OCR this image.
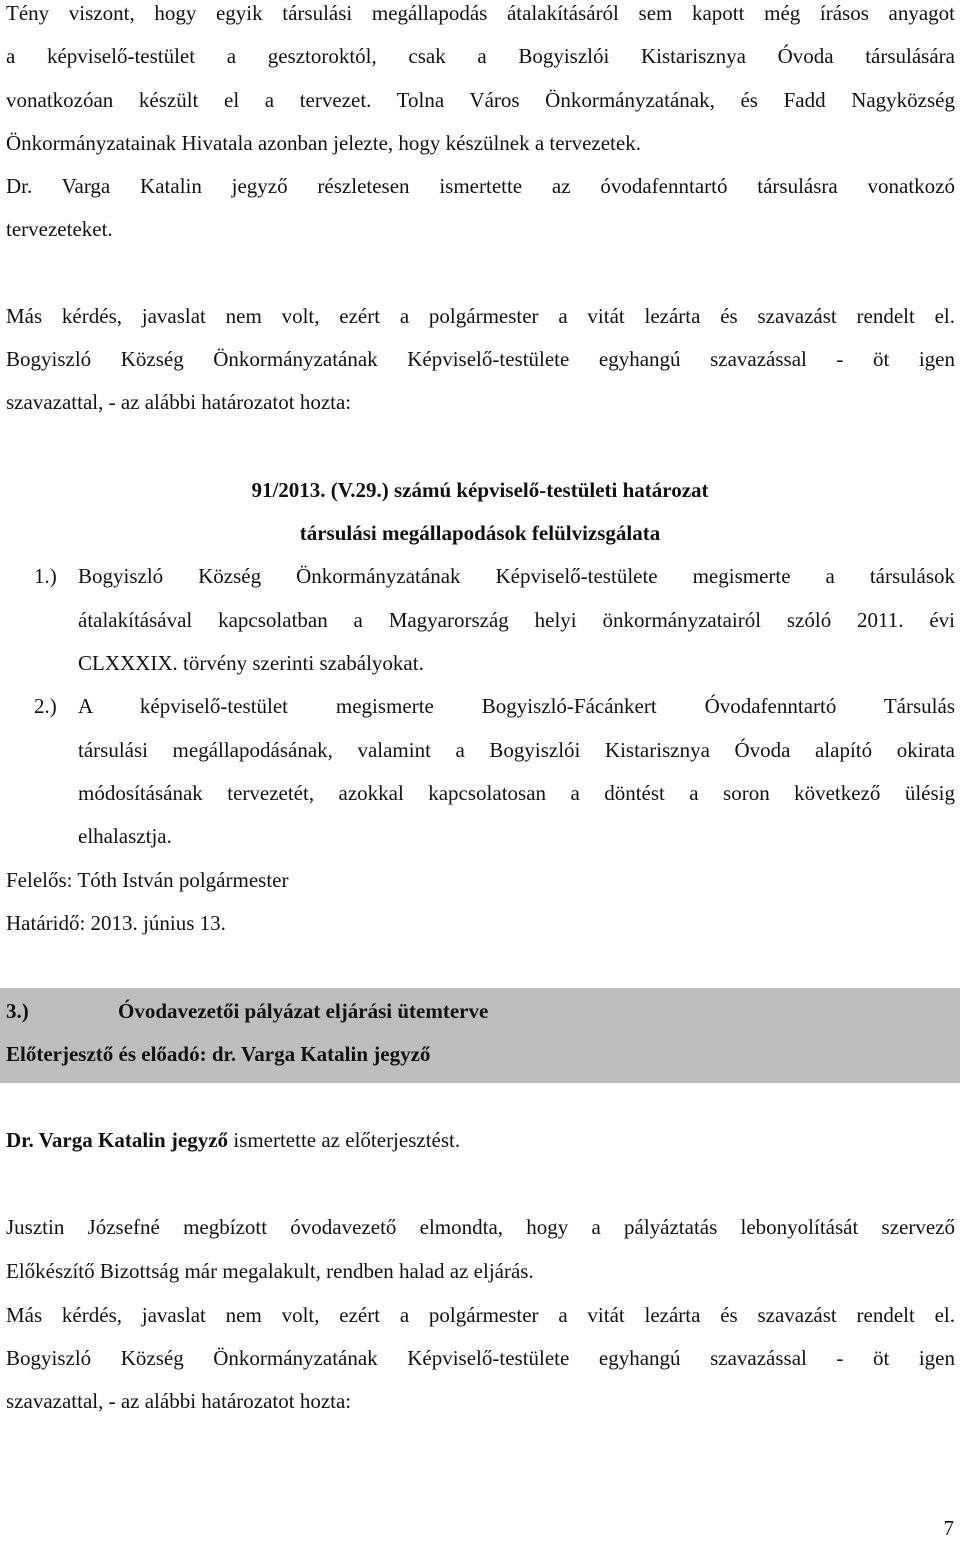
Tény viszont, hogy egyik társulási megállapodás átalakításáról sem kapott még írásos anyagot
a képviselő-testület a gesztoroktól, csak a Bogyiszlói Kistarisznya Óvoda társulására
vonatkozóan készült el a tervezet. Tolna Város Önkormányzatának, és Fadd Nagyközség
Önkormányzatainak Hivatala azonban jelezte, hogy készülnek a tervezetek.
Dr. Varga Katalin jegyző részletesen ismertette az óvodafenntartó társulásra vonatkozó
tervezeteket.
Más kérdés, javaslat nem volt, ezért a polgármester a vitát lezárta és szavazást rendelt el.
Bogyiszló Község Önkormányzatának Képviselő-testülete egyhangú szavazással - öt igen
szavazattal, - az alábbi határozatot hozta:
91/2013. (V.29.) számú képviselő-testületi határozat
társulási megállapodások felülvizsgálata
1.) Bogyiszló Község Önkormányzatának Képviselő-testülete megismerte a társulások
átalakításával kapcsolatban a Magyarország helyi önkormányzatairól szóló 2011. évi
CLXXXIX. törvény szerinti szabályokat.
2.) A képviselő-testület megismerte Bogyiszló-Fácánkert Óvodafenntartó Társulás
társulási megállapodásának, valamint a Bogyiszlói Kistarisznya Óvoda alapító okirata
módosításának tervezetét, azokkal kapcsolatosan a döntést a soron következő ülésig
elhalasztja.
Felelős: Tóth István polgármester
Határidő: 2013. június 13.
3.)	Óvodavezetői pályázat eljárási ütemterve
Előterjesztő és előadó: dr. Varga Katalin jegyző
Dr. Varga Katalin jegyző ismertette az előterjesztést.
Jusztin Józsefné megbízott óvodavezető elmondta, hogy a pályáztatás lebonyolítását szervező
Előkészítő Bizottság már megalakult, rendben halad az eljárás.
Más kérdés, javaslat nem volt, ezért a polgármester a vitát lezárta és szavazást rendelt el.
Bogyiszló Község Önkormányzatának Képviselő-testülete egyhangú szavazással - öt igen
szavazattal, - az alábbi határozatot hozta:
7
